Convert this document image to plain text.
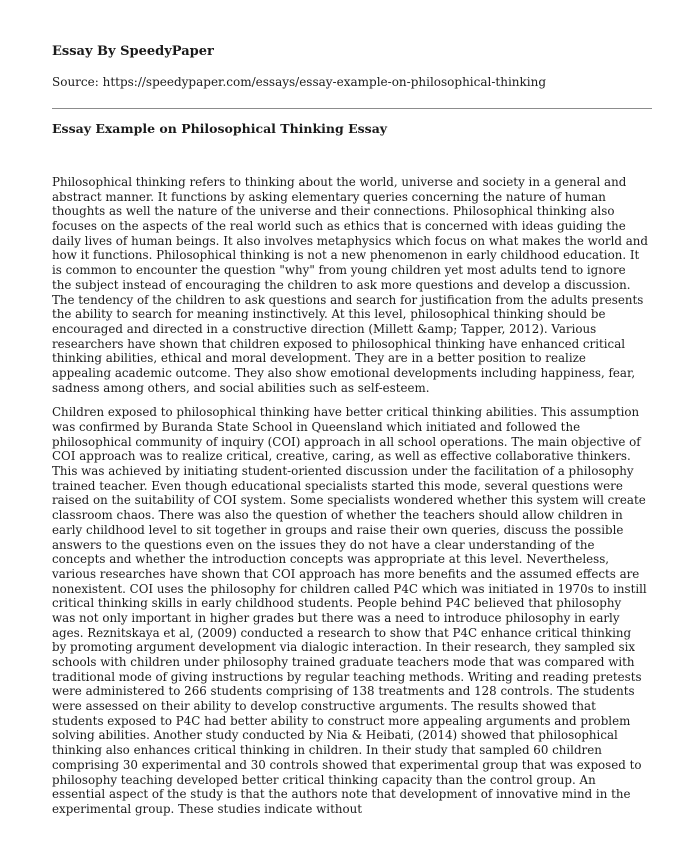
Essay By SpeedyPaper

Source: https://speedypaper.com/essays/essay-example-on-philosophical-thinking

Essay Example on Philosophical Thinking Essay

Philosophical thinking refers to thinking about the world, universe and society in a general and abstract manner. It functions by asking elementary queries concerning the nature of human thoughts as well the nature of the universe and their connections. Philosophical thinking also focuses on the aspects of the real world such as ethics that is concerned with ideas guiding the daily lives of human beings. It also involves metaphysics which focus on what makes the world and how it functions. Philosophical thinking is not a new phenomenon in early childhood education. It is common to encounter the question "why" from young children yet most adults tend to ignore the subject instead of encouraging the children to ask more questions and develop a discussion. The tendency of the children to ask questions and search for justification from the adults presents the ability to search for meaning instinctively. At this level, philosophical thinking should be encouraged and directed in a constructive direction (Millett &amp; Tapper, 2012). Various researchers have shown that children exposed to philosophical thinking have enhanced critical thinking abilities, ethical and moral development. They are in a better position to realize appealing academic outcome. They also show emotional developments including happiness, fear, sadness among others, and social abilities such as self-esteem.

Children exposed to philosophical thinking have better critical thinking abilities. This assumption was confirmed by Buranda State School in Queensland which initiated and followed the philosophical community of inquiry (COI) approach in all school operations. The main objective of COI approach was to realize critical, creative, caring, as well as effective collaborative thinkers. This was achieved by initiating student-oriented discussion under the facilitation of a philosophy trained teacher. Even though educational specialists started this mode, several questions were raised on the suitability of COI system. Some specialists wondered whether this system will create classroom chaos. There was also the question of whether the teachers should allow children in early childhood level to sit together in groups and raise their own queries, discuss the possible answers to the questions even on the issues they do not have a clear understanding of the concepts and whether the introduction concepts was appropriate at this level. Nevertheless, various researches have shown that COI approach has more benefits and the assumed effects are nonexistent. COI uses the philosophy for children called P4C which was initiated in 1970s to instill critical thinking skills in early childhood students. People behind P4C believed that philosophy was not only important in higher grades but there was a need to introduce philosophy in early ages. Reznitskaya et al, (2009) conducted a research to show that P4C enhance critical thinking by promoting argument development via dialogic interaction. In their research, they sampled six schools with children under philosophy trained graduate teachers mode that was compared with traditional mode of giving instructions by regular teaching methods. Writing and reading pretests were administered to 266 students comprising of 138 treatments and 128 controls. The students were assessed on their ability to develop constructive arguments. The results showed that students exposed to P4C had better ability to construct more appealing arguments and problem solving abilities. Another study conducted by Nia & Heibati, (2014) showed that philosophical thinking also enhances critical thinking in children. In their study that sampled 60 children comprising 30 experimental and 30 controls showed that experimental group that was exposed to philosophy teaching developed better critical thinking capacity than the control group. An essential aspect of the study is that the authors note that development of innovative mind in the experimental group. These studies indicate without
